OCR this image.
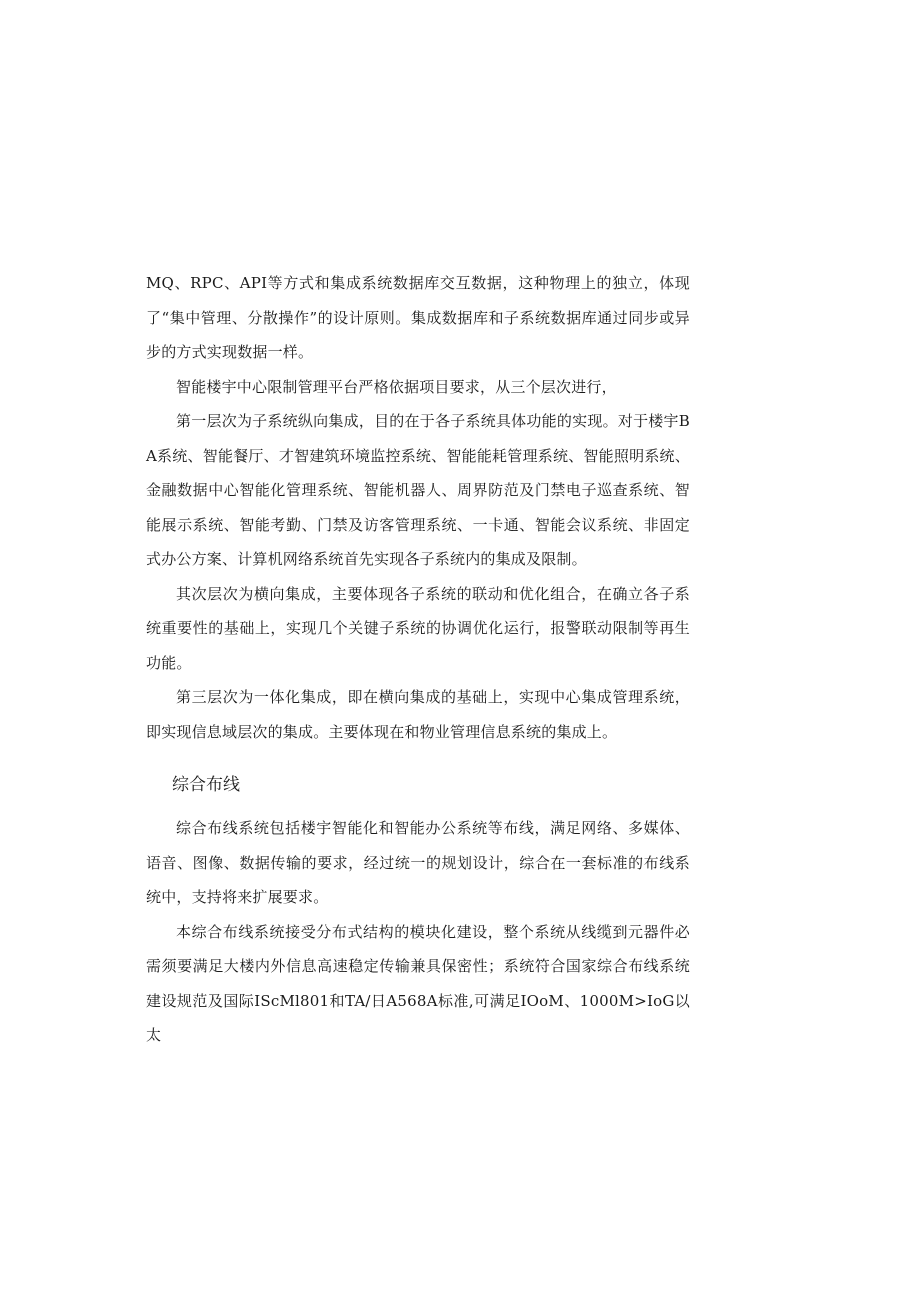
MQ、RPC、API等方式和集成系统数据库交互数据，这种物理上的独立，体现了“集中管理、分散操作”的设计原则。集成数据库和子系统数据库通过同步或异步的方式实现数据一样。

智能楼宇中心限制管理平台严格依据项目要求，从三个层次进行，

第一层次为子系统纵向集成，目的在于各子系统具体功能的实现。对于楼宇BA系统、智能餐厅、才智建筑环境监控系统、智能能耗管理系统、智能照明系统、金融数据中心智能化管理系统、智能机器人、周界防范及门禁电子巡查系统、智能展示系统、智能考勤、门禁及访客管理系统、一卡通、智能会议系统、非固定式办公方案、计算机网络系统首先实现各子系统内的集成及限制。

其次层次为横向集成，主要体现各子系统的联动和优化组合，在确立各子系统重要性的基础上，实现几个关键子系统的协调优化运行，报警联动限制等再生功能。

第三层次为一体化集成，即在横向集成的基础上，实现中心集成管理系统，即实现信息域层次的集成。主要体现在和物业管理信息系统的集成上。

综合布线

综合布线系统包括楼宇智能化和智能办公系统等布线，满足网络、多媒体、语音、图像、数据传输的要求，经过统一的规划设计，综合在一套标准的布线系统中，支持将来扩展要求。

本综合布线系统接受分布式结构的模块化建设，整个系统从线缆到元器件必需须要满足大楼内外信息高速稳定传输兼具保密性；系统符合国家综合布线系统建设规范及国际IScMl801和TA/日A568A标准,可满足IOoM、1000M>IoG以太
